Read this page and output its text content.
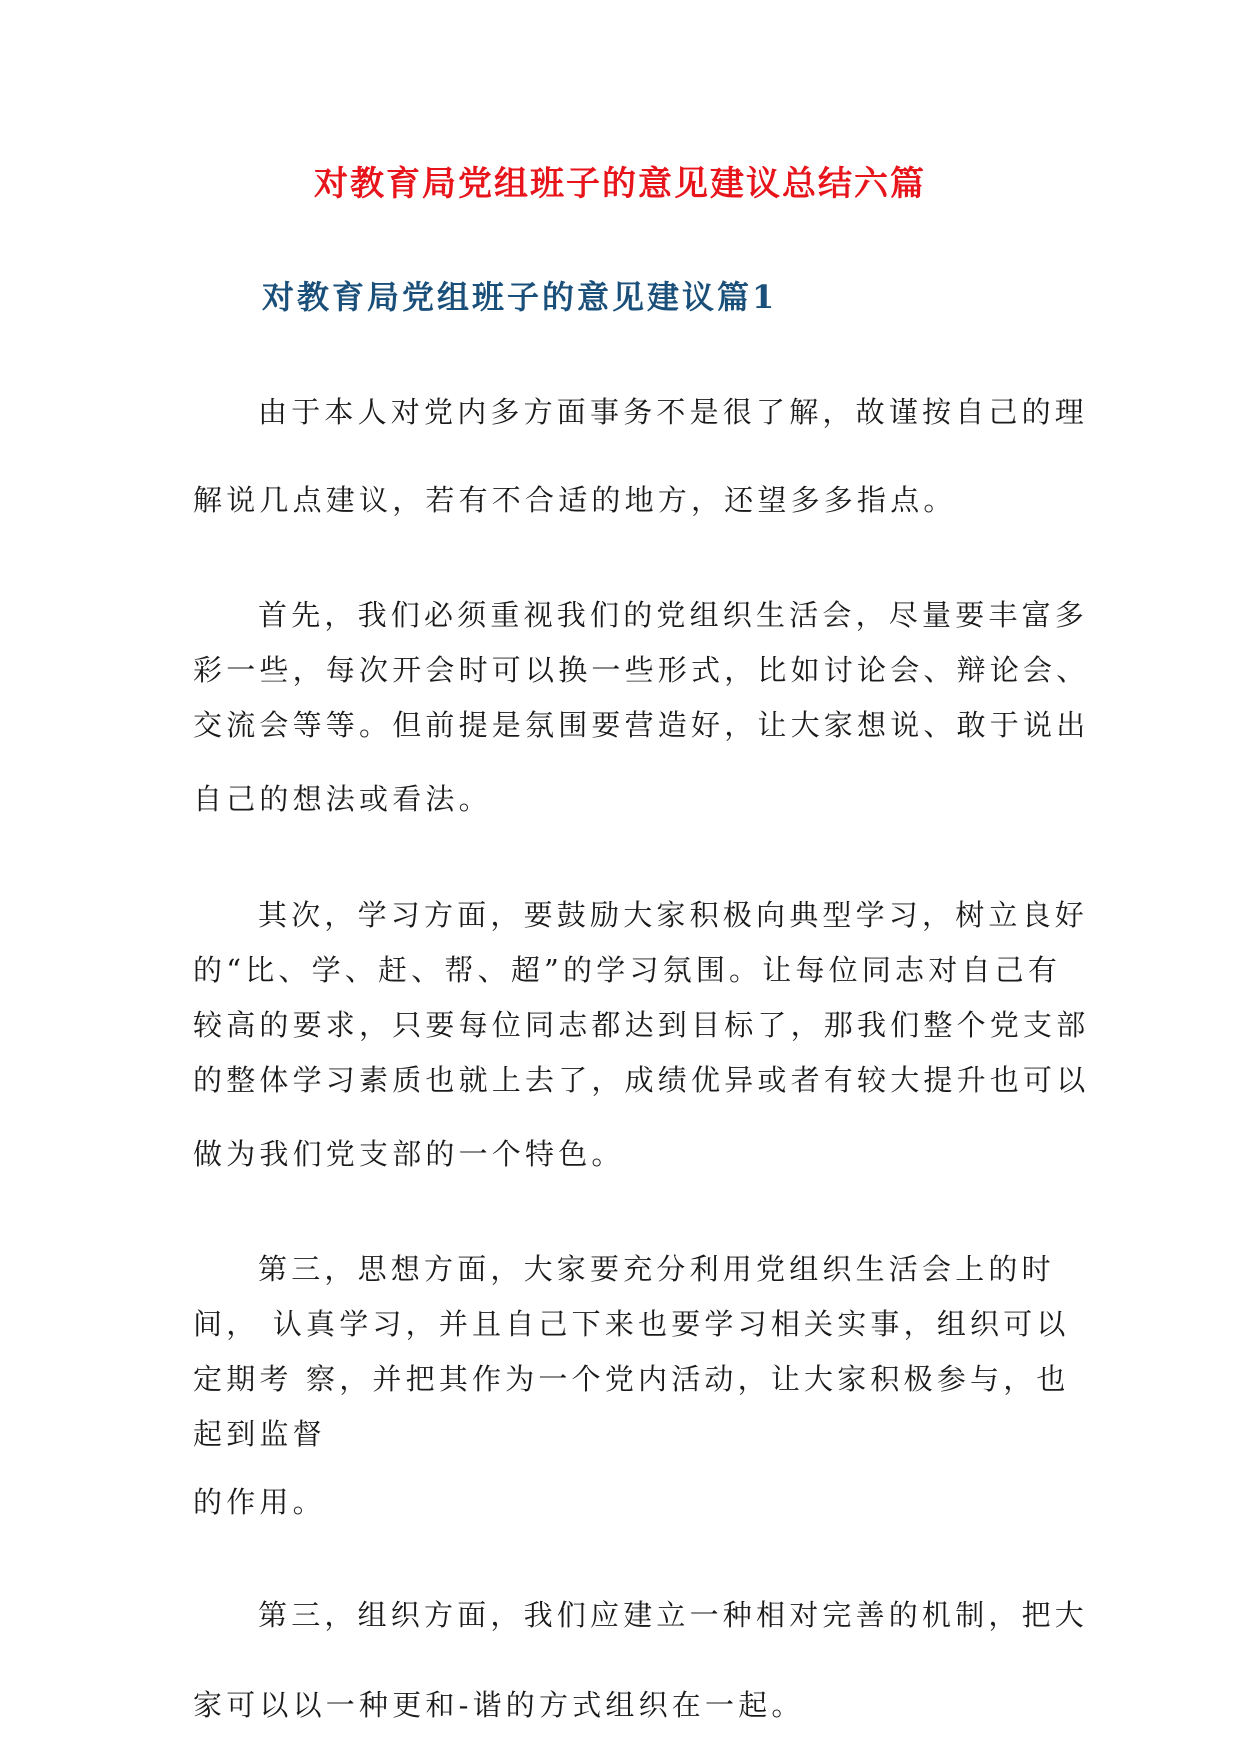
对教育局党组班子的意见建议总结六篇
对教育局党组班子的意见建议篇1

由于本人对党内多方面事务不是很了解，故谨按自己的理

解说几点建议，若有不合适的地方，还望多多指点。

首先，我们必须重视我们的党组织生活会，尽量要丰富多

彩一些，每次开会时可以换一些形式，比如讨论会、辩论会、

交流会等等。但前提是氛围要营造好，让大家想说、敢于说出

自己的想法或看法。

其次，学习方面，要鼓励大家积极向典型学习，树立良好

的“比、学、赶、帮、超”的学习氛围。让每位同志对自己有

较高的要求，只要每位同志都达到目标了，那我们整个党支部

的整体学习素质也就上去了，成绩优异或者有较大提升也可以

做为我们党支部的一个特色。

第三，思想方面，大家要充分利用党组织生活会上的时

间， 认真学习，并且自己下来也要学习相关实事，组织可以

定期考 察，并把其作为一个党内活动，让大家积极参与，也

起到监督

的作用。

第三，组织方面，我们应建立一种相对完善的机制，把大

家可以以一种更和-谐的方式组织在一起。
